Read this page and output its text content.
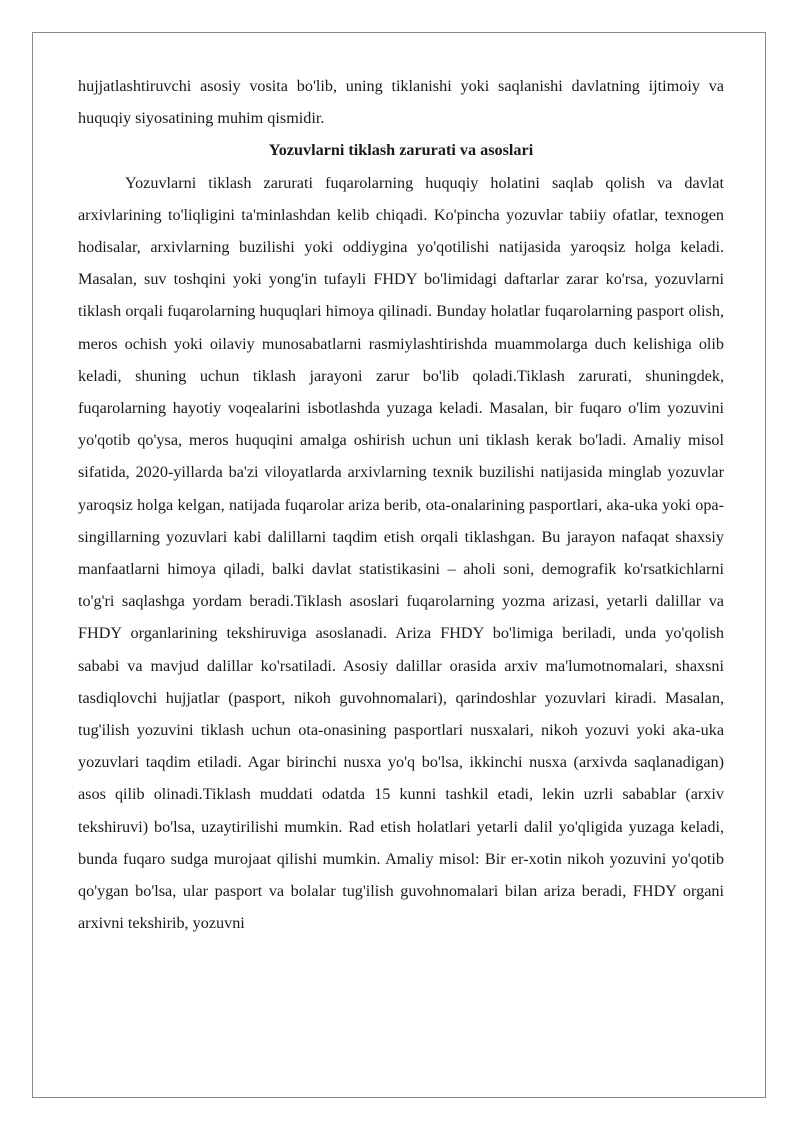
hujjatlashtiruvchi asosiy vosita bo'lib, uning tiklanishi yoki saqlanishi davlatning ijtimoiy va huquqiy siyosatining muhim qismidir.

Yozuvlarni tiklash zarurati va asoslari

Yozuvlarni tiklash zarurati fuqarolarning huquqiy holatini saqlab qolish va davlat arxivlarining to'liqligini ta'minlashdan kelib chiqadi. Ko'pincha yozuvlar tabiiy ofatlar, texnogen hodisalar, arxivlarning buzilishi yoki oddiygina yo'qotilishi natijasida yaroqsiz holga keladi. Masalan, suv toshqini yoki yong'in tufayli FHDY bo'limidagi daftarlar zarar ko'rsa, yozuvlarni tiklash orqali fuqarolarning huquqlari himoya qilinadi. Bunday holatlar fuqarolarning pasport olish, meros ochish yoki oilaviy munosabatlarni rasmiylashtirishda muammolarga duch kelishiga olib keladi, shuning uchun tiklash jarayoni zarur bo'lib qoladi.Tiklash zarurati, shuningdek, fuqarolarning hayotiy voqealarini isbotlashda yuzaga keladi. Masalan, bir fuqaro o'lim yozuvini yo'qotib qo'ysa, meros huquqini amalga oshirish uchun uni tiklash kerak bo'ladi. Amaliy misol sifatida, 2020-yillarda ba'zi viloyatlarda arxivlarning texnik buzilishi natijasida minglab yozuvlar yaroqsiz holga kelgan, natijada fuqarolar ariza berib, ota-onalarining pasportlari, aka-uka yoki opa-singillarning yozuvlari kabi dalillarni taqdim etish orqali tiklashgan. Bu jarayon nafaqat shaxsiy manfaatlarni himoya qiladi, balki davlat statistikasini – aholi soni, demografik ko'rsatkichlarni to'g'ri saqlashga yordam beradi.Tiklash asoslari fuqarolarning yozma arizasi, yetarli dalillar va FHDY organlarining tekshiruviga asoslanadi. Ariza FHDY bo'limiga beriladi, unda yo'qolish sababi va mavjud dalillar ko'rsatiladi. Asosiy dalillar orasida arxiv ma'lumotnomalari, shaxsni tasdiqlovchi hujjatlar (pasport, nikoh guvohnomalari), qarindoshlar yozuvlari kiradi. Masalan, tug'ilish yozuvini tiklash uchun ota-onasining pasportlari nusxalari, nikoh yozuvi yoki aka-uka yozuvlari taqdim etiladi. Agar birinchi nusxa yo'q bo'lsa, ikkinchi nusxa (arxivda saqlanadigan) asos qilib olinadi.Tiklash muddati odatda 15 kunni tashkil etadi, lekin uzrli sabablar (arxiv tekshiruvi) bo'lsa, uzaytirilishi mumkin. Rad etish holatlari yetarli dalil yo'qligida yuzaga keladi, bunda fuqaro sudga murojaat qilishi mumkin. Amaliy misol: Bir er-xotin nikoh yozuvini yo'qotib qo'ygan bo'lsa, ular pasport va bolalar tug'ilish guvohnomalari bilan ariza beradi, FHDY organi arxivni tekshirib, yozuvni
